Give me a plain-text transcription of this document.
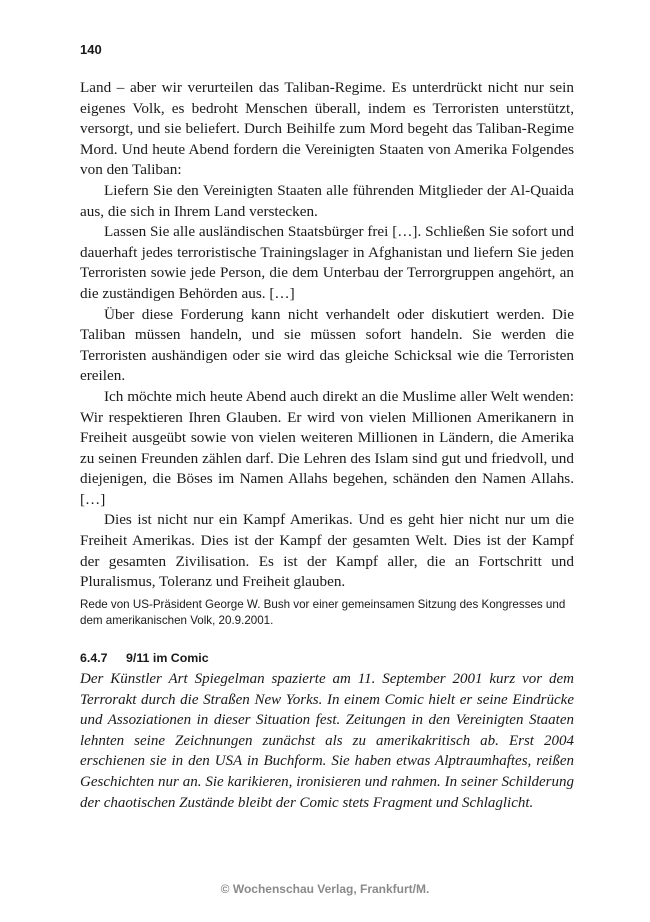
140

Land – aber wir verurteilen das Taliban-Regime. Es unterdrückt nicht nur sein eigenes Volk, es bedroht Menschen überall, indem es Terroristen unterstützt, versorgt, und sie beliefert. Durch Beihilfe zum Mord begeht das Taliban-Regime Mord. Und heute Abend fordern die Vereinigten Staaten von Amerika Folgendes von den Taliban:

Liefern Sie den Vereinigten Staaten alle führenden Mitglieder der Al-Quaida aus, die sich in Ihrem Land verstecken.

Lassen Sie alle ausländischen Staatsbürger frei […]. Schließen Sie sofort und dauerhaft jedes terroristische Trainingslager in Afghanistan und liefern Sie jeden Terroristen sowie jede Person, die dem Unterbau der Terrorgruppen angehört, an die zuständigen Behörden aus. […]

Über diese Forderung kann nicht verhandelt oder diskutiert werden. Die Taliban müssen handeln, und sie müssen sofort handeln. Sie werden die Terroristen aushändigen oder sie wird das gleiche Schicksal wie die Terroristen ereilen.

Ich möchte mich heute Abend auch direkt an die Muslime aller Welt wenden: Wir respektieren Ihren Glauben. Er wird von vielen Millionen Amerikanern in Freiheit ausgeübt sowie von vielen weiteren Millionen in Ländern, die Amerika zu seinen Freunden zählen darf. Die Lehren des Islam sind gut und friedvoll, und diejenigen, die Böses im Namen Allahs begehen, schänden den Namen Allahs. […]

Dies ist nicht nur ein Kampf Amerikas. Und es geht hier nicht nur um die Freiheit Amerikas. Dies ist der Kampf der gesamten Welt. Dies ist der Kampf der gesamten Zivilisation. Es ist der Kampf aller, die an Fortschritt und Pluralismus, Toleranz und Freiheit glauben.

Rede von US-Präsident George W. Bush vor einer gemeinsamen Sitzung des Kongresses und dem amerikanischen Volk, 20.9.2001.
6.4.7 9/11 im Comic

Der Künstler Art Spiegelman spazierte am 11. September 2001 kurz vor dem Terrorakt durch die Straßen New Yorks. In einem Comic hielt er seine Eindrücke und Assoziationen in dieser Situation fest. Zeitungen in den Vereinigten Staaten lehnten seine Zeichnungen zunächst als zu amerikakritisch ab. Erst 2004 erschienen sie in den USA in Buchform. Sie haben etwas Alptraumhaftes, reißen Geschichten nur an. Sie karikieren, ironisieren und rahmen. In seiner Schilderung der chaotischen Zustände bleibt der Comic stets Fragment und Schlaglicht.

© Wochenschau Verlag, Frankfurt/M.
